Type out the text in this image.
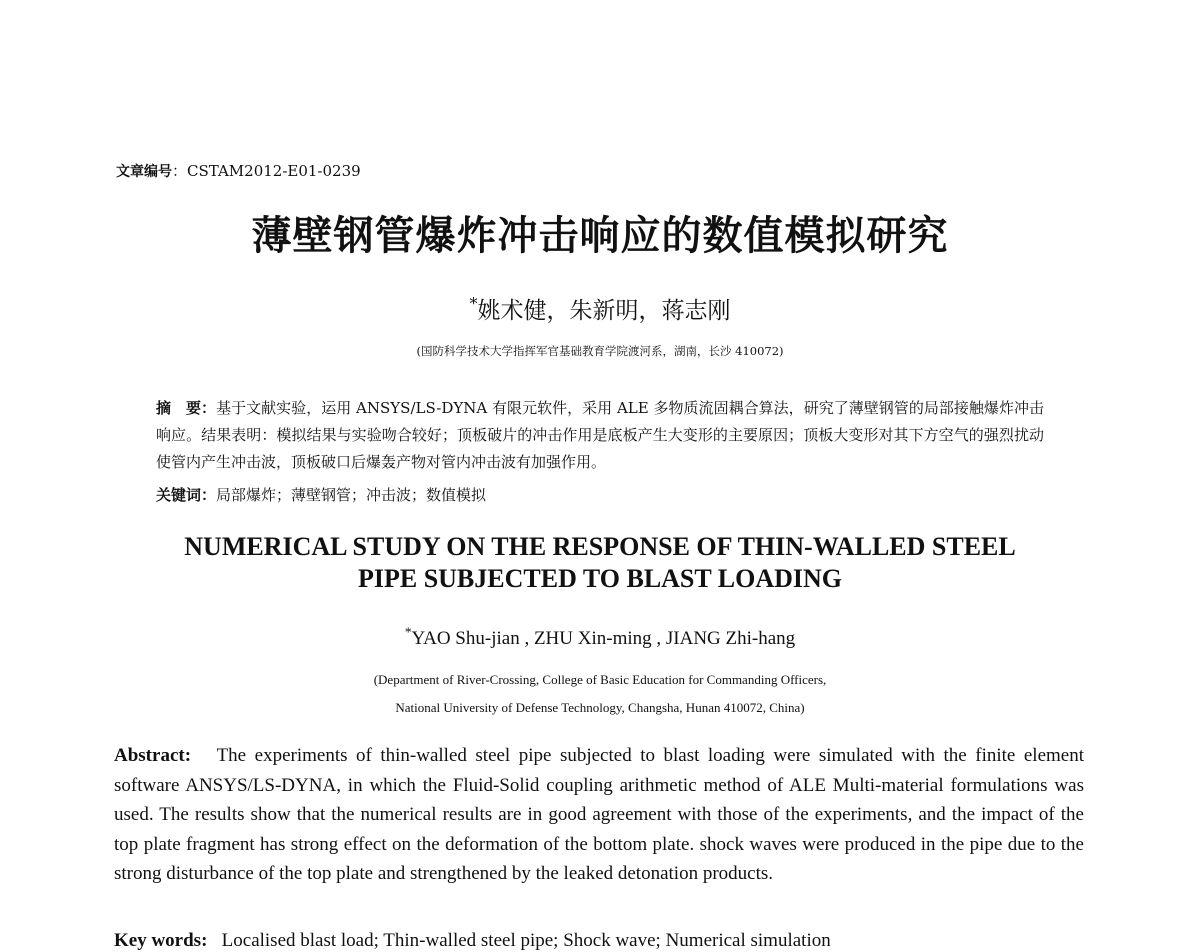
文章编号：CSTAM2012-E01-0239
薄壁钢管爆炸冲击响应的数值模拟研究
*姚术健，朱新明，蒋志刚
(国防科学技术大学指挥军官基础教育学院渡河系，湖南，长沙 410072)
摘　要：基于文献实验，运用 ANSYS/LS-DYNA 有限元软件，采用 ALE 多物质流固耦合算法，研究了薄壁钢管的局部接触爆炸冲击响应。结果表明：模拟结果与实验吻合较好；顶板破片的冲击作用是底板产生大变形的主要原因；顶板大变形对其下方空气的强烈扰动使管内产生冲击波，顶板破口后爆轰产物对管内冲击波有加强作用。
关键词：局部爆炸；薄壁钢管；冲击波；数值模拟
NUMERICAL STUDY ON THE RESPONSE OF THIN-WALLED STEEL
PIPE SUBJECTED TO BLAST LOADING
*YAO Shu-jian , ZHU Xin-ming , JIANG Zhi-hang
(Department of River-Crossing, College of Basic Education for Commanding Officers,
National University of Defense Technology, Changsha, Hunan 410072, China)
Abstract: The experiments of thin-walled steel pipe subjected to blast loading were simulated with the finite element software ANSYS/LS-DYNA, in which the Fluid-Solid coupling arithmetic method of ALE Multi-material formulations was used. The results show that the numerical results are in good agreement with those of the experiments, and the impact of the top plate fragment has strong effect on the deformation of the bottom plate. shock waves were produced in the pipe due to the strong disturbance of the top plate and strengthened by the leaked detonation products.
Key words: Localised blast load; Thin-walled steel pipe; Shock wave; Numerical simulation
